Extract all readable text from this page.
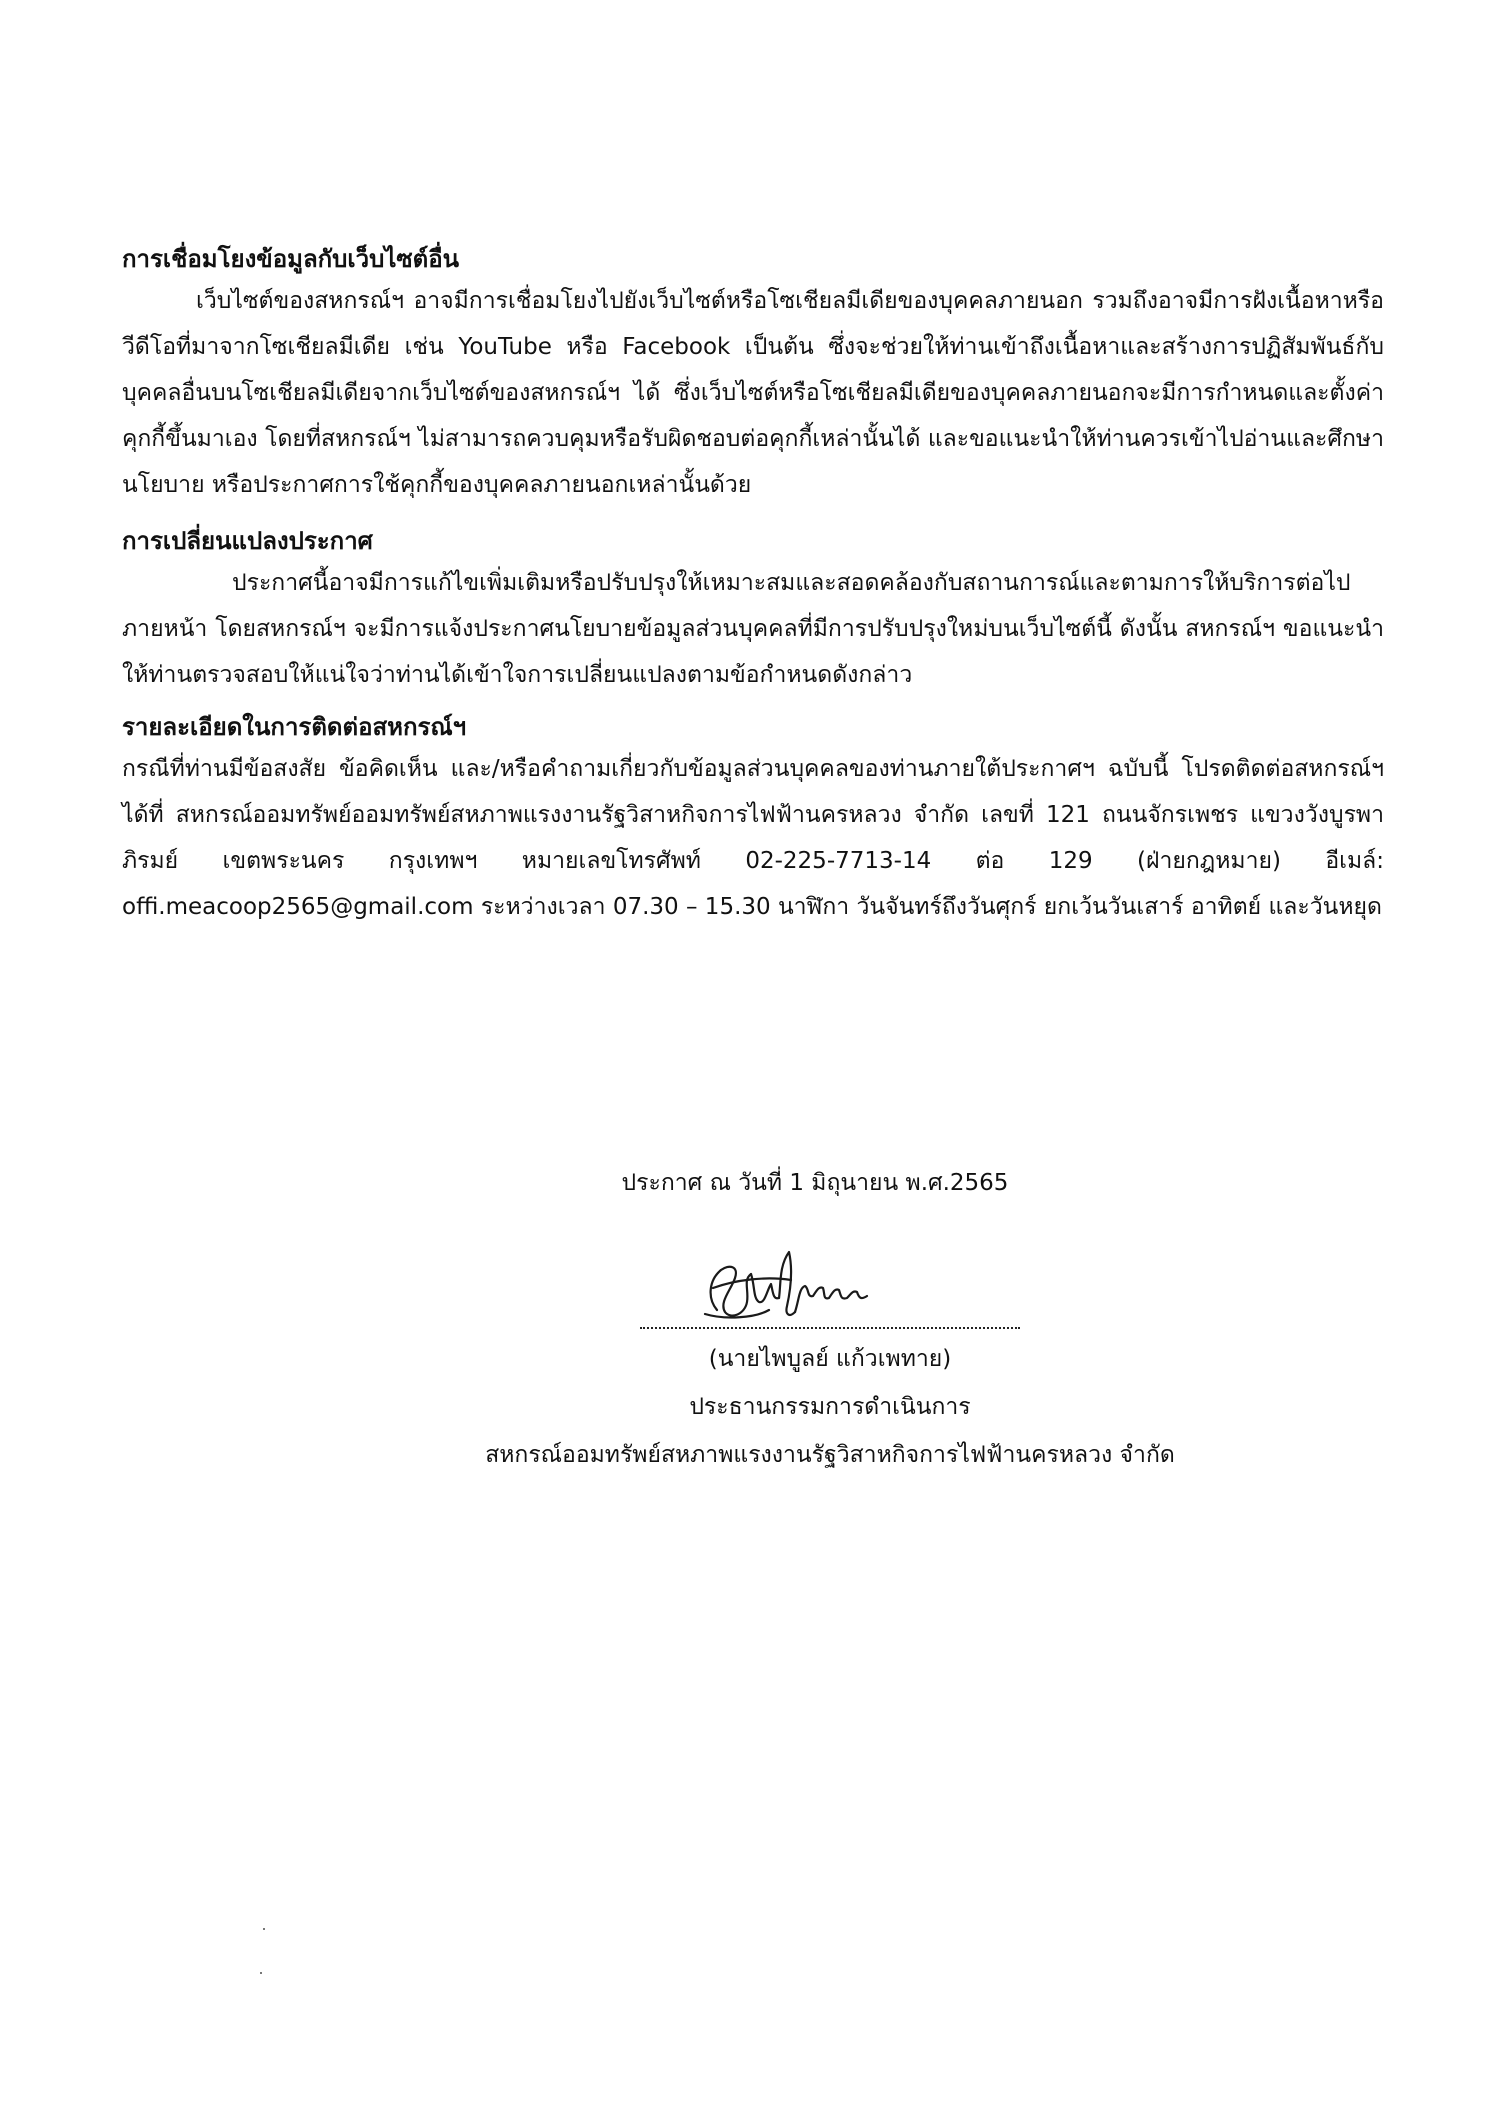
การเชื่อมโยงข้อมูลกับเว็บไซต์อื่น

เว็บไซต์ของสหกรณ์ฯ อาจมีการเชื่อมโยงไปยังเว็บไซต์หรือโซเชียลมีเดียของบุคคลภายนอก รวมถึงอาจมีการฝังเนื้อหาหรือวีดีโอที่มาจากโซเชียลมีเดีย เช่น YouTube หรือ Facebook เป็นต้น ซึ่งจะช่วยให้ท่านเข้าถึงเนื้อหาและสร้างการปฏิสัมพันธ์กับบุคคลอื่นบนโซเชียลมีเดียจากเว็บไซต์ของสหกรณ์ฯ ได้ ซึ่งเว็บไซต์หรือโซเชียลมีเดียของบุคคลภายนอกจะมีการกำหนดและตั้งค่าคุกกี้ขึ้นมาเอง โดยที่สหกรณ์ฯ ไม่สามารถควบคุมหรือรับผิดชอบต่อคุกกี้เหล่านั้นได้ และขอแนะนำให้ท่านควรเข้าไปอ่านและศึกษานโยบาย หรือประกาศการใช้คุกกี้ของบุคคลภายนอกเหล่านั้นด้วย

การเปลี่ยนแปลงประกาศ

ประกาศนี้อาจมีการแก้ไขเพิ่มเติมหรือปรับปรุงให้เหมาะสมและสอดคล้องกับสถานการณ์และตามการให้บริการต่อไปภายหน้า โดยสหกรณ์ฯ จะมีการแจ้งประกาศนโยบายข้อมูลส่วนบุคคลที่มีการปรับปรุงใหม่บนเว็บไซต์นี้ ดังนั้น สหกรณ์ฯ ขอแนะนำให้ท่านตรวจสอบให้แน่ใจว่าท่านได้เข้าใจการเปลี่ยนแปลงตามข้อกำหนดดังกล่าว

รายละเอียดในการติดต่อสหกรณ์ฯ

กรณีที่ท่านมีข้อสงสัย ข้อคิดเห็น และ/หรือคำถามเกี่ยวกับข้อมูลส่วนบุคคลของท่านภายใต้ประกาศฯ ฉบับนี้ โปรดติดต่อสหกรณ์ฯ ได้ที่ สหกรณ์ออมทรัพย์ออมทรัพย์สหภาพแรงงานรัฐวิสาหกิจการไฟฟ้านครหลวง จำกัด เลขที่ 121 ถนนจักรเพชร แขวงวังบูรพาภิรมย์ เขตพระนคร กรุงเทพฯ หมายเลขโทรศัพท์ 02-225-7713-14 ต่อ 129 (ฝ่ายกฎหมาย) อีเมล์: offi.meacoop2565@gmail.com ระหว่างเวลา 07.30 – 15.30 นาฬิกา วันจันทร์ถึงวันศุกร์ ยกเว้นวันเสาร์ อาทิตย์ และวันหยุด

ประกาศ ณ วันที่ 1 มิถุนายน พ.ศ.2565
(นายไพบูลย์ แก้วเพทาย)
ประธานกรรมการดำเนินการ
สหกรณ์ออมทรัพย์สหภาพแรงงานรัฐวิสาหกิจการไฟฟ้านครหลวง จำกัด
